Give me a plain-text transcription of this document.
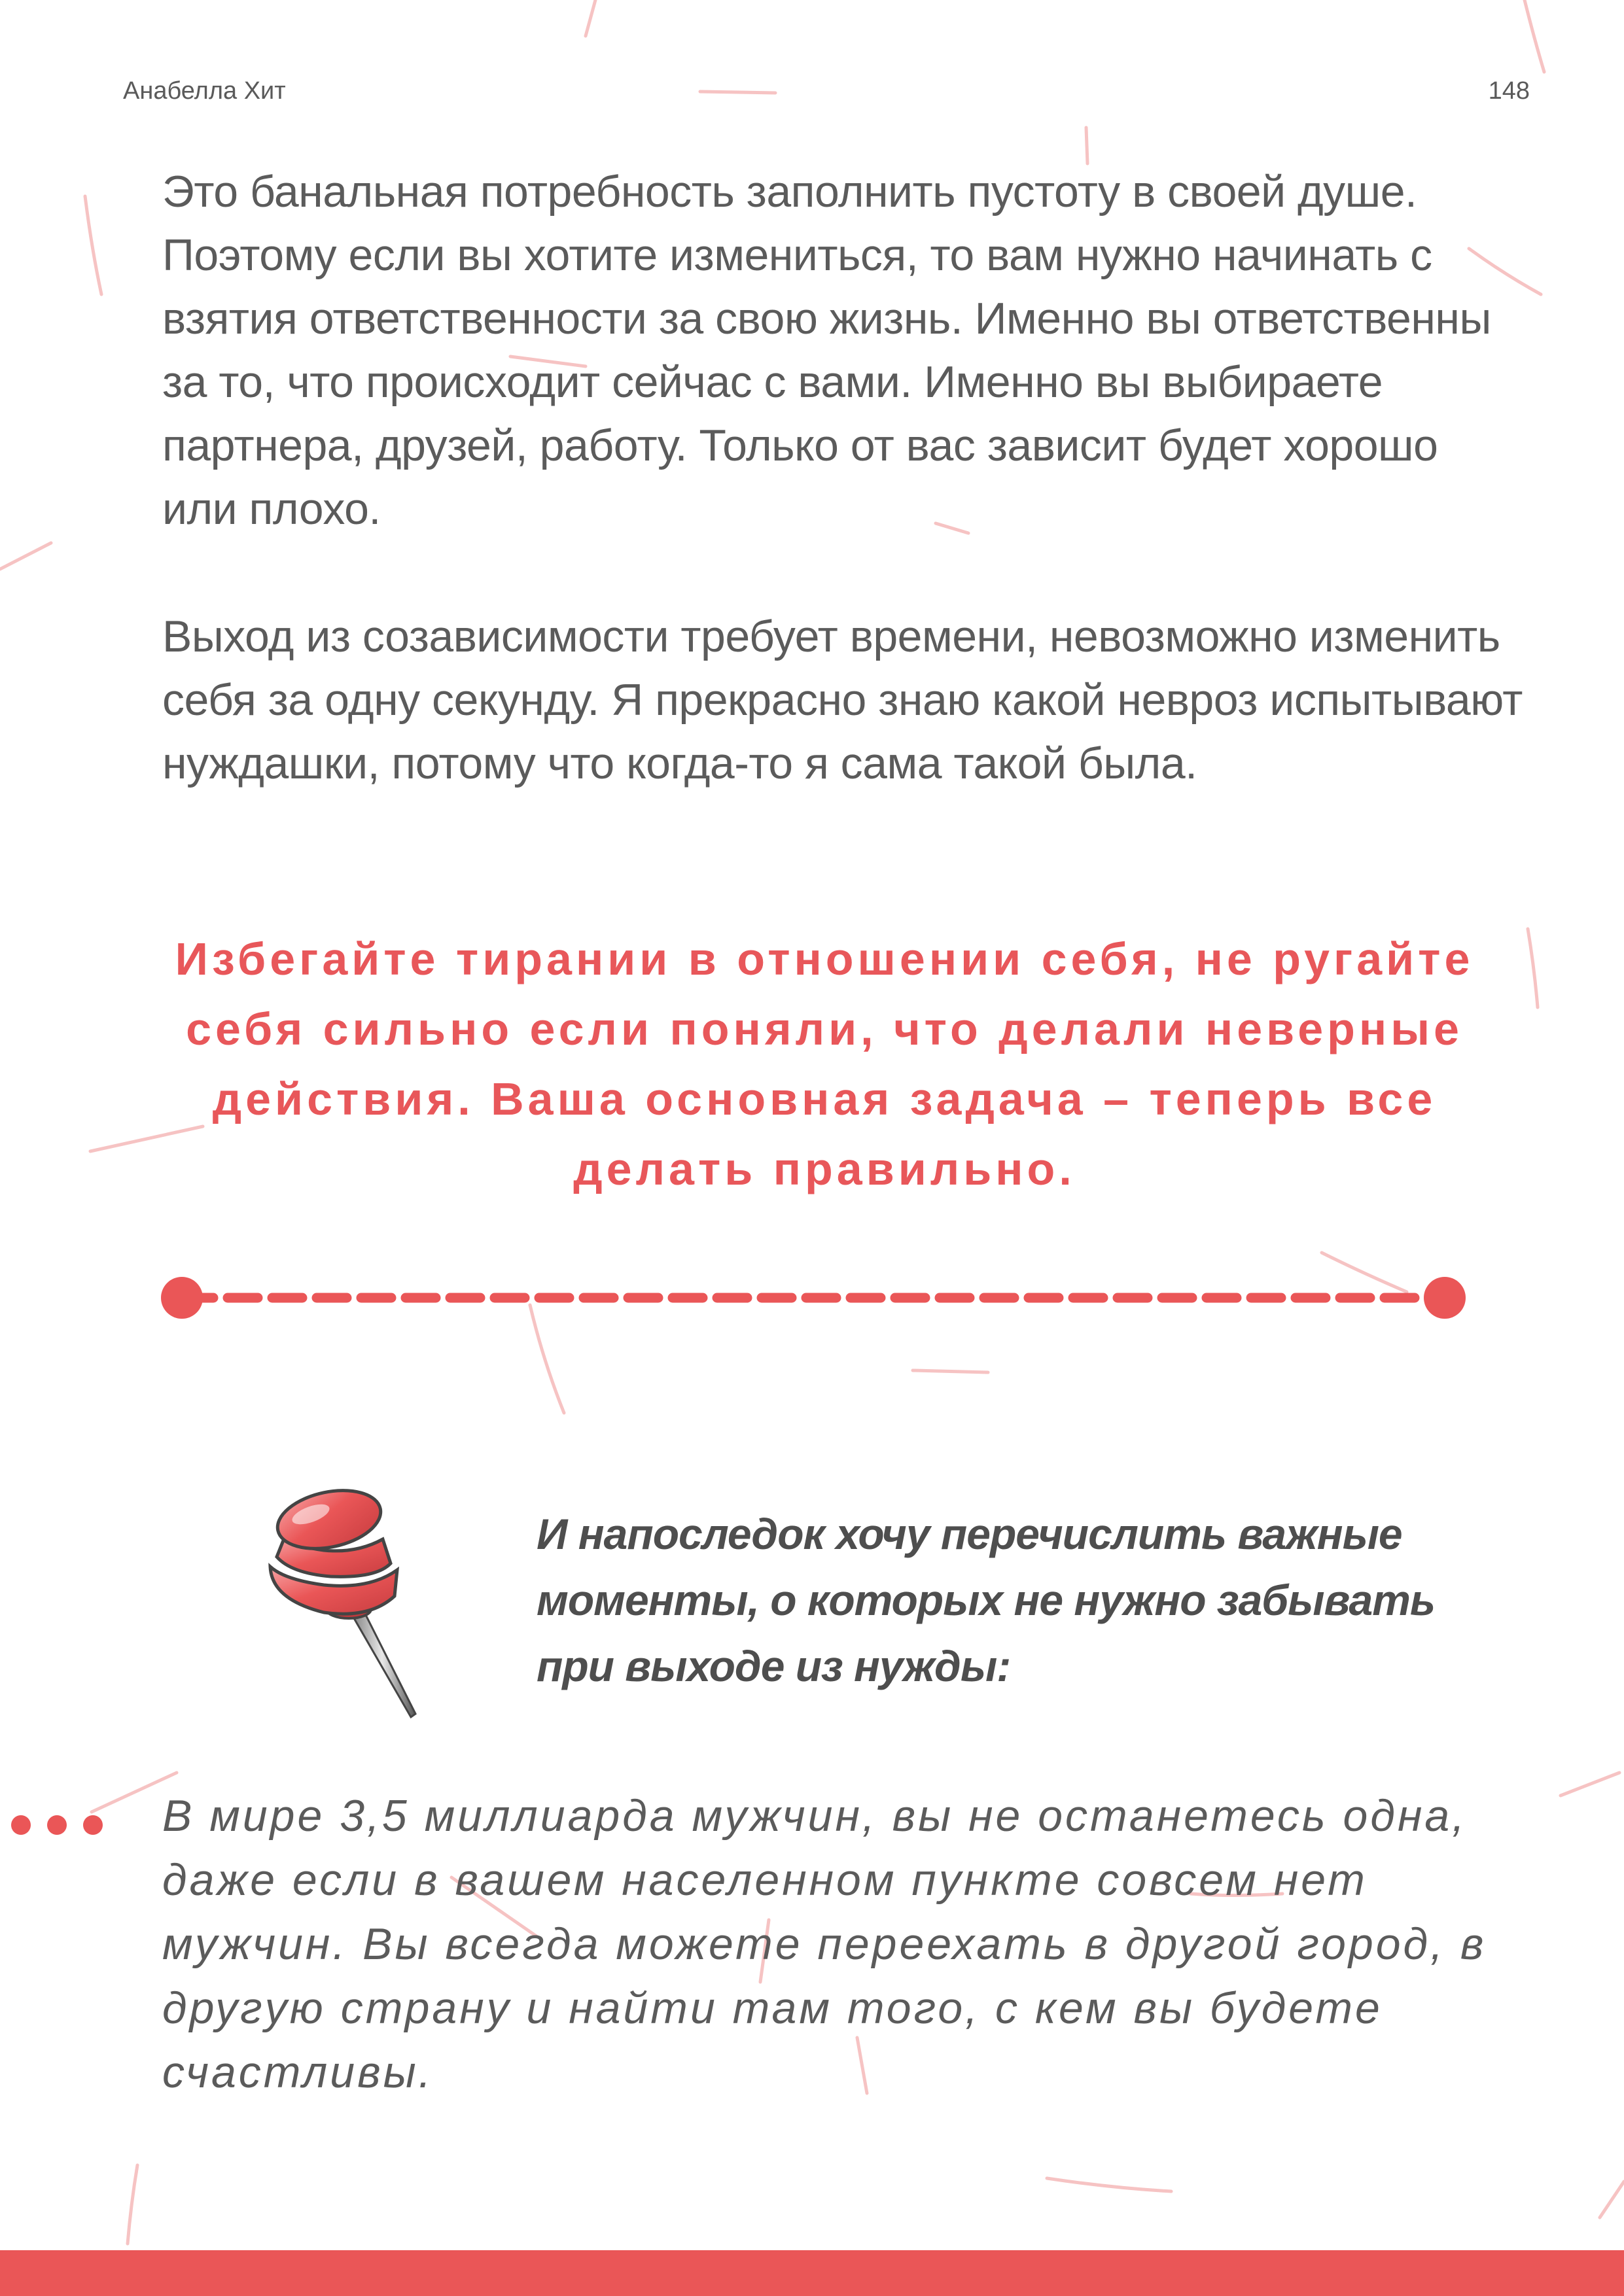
Анабелла Хит	148

Это банальная потребность заполнить пустоту в своей душе. Поэтому если вы хотите измениться, то вам нужно начинать с взятия ответственности за свою жизнь. Именно вы ответственны за то, что происходит сейчас с вами. Именно вы выбираете партнера, друзей, работу. Только от вас зависит будет хорошо или плохо.

Выход из созависимости требует времени, невозможно изменить себя за одну секунду. Я прекрасно знаю какой невроз испытывают нуждашки, потому что когда-то я сама такой была.

Избегайте тирании в отношении себя, не ругайте себя сильно если поняли, что делали неверные действия. Ваша основная задача – теперь все делать правильно.

И напоследок хочу перечислить важные моменты, о которых не нужно забывать при выходе из нужды:

В мире 3,5 миллиарда мужчин, вы не останетесь одна, даже если в вашем населенном пункте совсем нет мужчин. Вы всегда можете переехать в другой город, в другую страну и найти там того, с кем вы будете счастливы.
